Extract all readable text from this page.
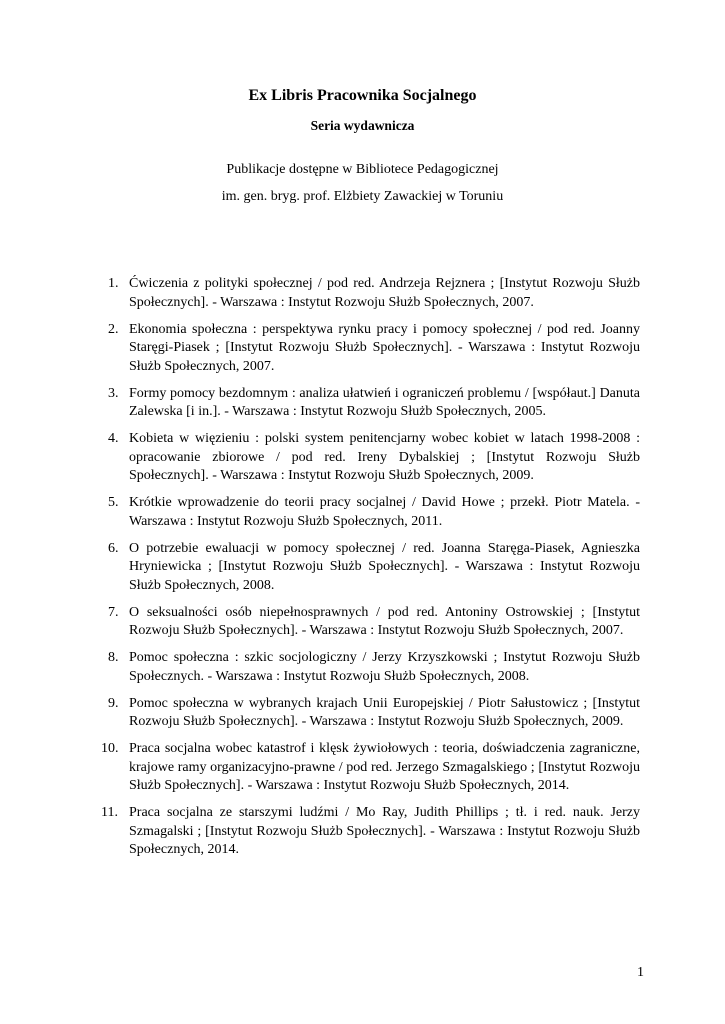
Ex Libris Pracownika Socjalnego

Seria wydawnicza

Publikacje dostępne w Bibliotece Pedagogicznej

im. gen. bryg. prof. Elżbiety Zawackiej w Toruniu

1. Ćwiczenia z polityki społecznej / pod red. Andrzeja Rejznera ; [Instytut Rozwoju Służb Społecznych]. - Warszawa : Instytut Rozwoju Służb Społecznych, 2007.
2. Ekonomia społeczna : perspektywa rynku pracy i pomocy społecznej / pod red. Joanny Staręgi-Piasek ; [Instytut Rozwoju Służb Społecznych]. - Warszawa : Instytut Rozwoju Służb Społecznych, 2007.
3. Formy pomocy bezdomnym : analiza ułatwień i ograniczeń problemu / [współaut.] Danuta Zalewska [i in.]. - Warszawa : Instytut Rozwoju Służb Społecznych, 2005.
4. Kobieta w więzieniu : polski system penitencjarny wobec kobiet w latach 1998-2008 : opracowanie zbiorowe / pod red. Ireny Dybalskiej ; [Instytut Rozwoju Służb Społecznych]. - Warszawa : Instytut Rozwoju Służb Społecznych, 2009.
5. Krótkie wprowadzenie do teorii pracy socjalnej / David Howe ; przekł. Piotr Matela. - Warszawa : Instytut Rozwoju Służb Społecznych, 2011.
6. O potrzebie ewaluacji w pomocy społecznej / red. Joanna Staręga-Piasek, Agnieszka Hryniewicka ; [Instytut Rozwoju Służb Społecznych]. - Warszawa : Instytut Rozwoju Służb Społecznych, 2008.
7. O seksualności osób niepełnosprawnych / pod red. Antoniny Ostrowskiej ; [Instytut Rozwoju Służb Społecznych]. - Warszawa : Instytut Rozwoju Służb Społecznych, 2007.
8. Pomoc społeczna : szkic socjologiczny / Jerzy Krzyszkowski ; Instytut Rozwoju Służb Społecznych. - Warszawa : Instytut Rozwoju Służb Społecznych, 2008.
9. Pomoc społeczna w wybranych krajach Unii Europejskiej / Piotr Sałustowicz ; [Instytut Rozwoju Służb Społecznych]. - Warszawa : Instytut Rozwoju Służb Społecznych, 2009.
10. Praca socjalna wobec katastrof i klęsk żywiołowych : teoria, doświadczenia zagraniczne, krajowe ramy organizacyjno-prawne / pod red. Jerzego Szmagalskiego ; [Instytut Rozwoju Służb Społecznych]. - Warszawa : Instytut Rozwoju Służb Społecznych, 2014.
11. Praca socjalna ze starszymi ludźmi / Mo Ray, Judith Phillips ; tł. i red. nauk. Jerzy Szmagalski ; [Instytut Rozwoju Służb Społecznych]. - Warszawa : Instytut Rozwoju Służb Społecznych, 2014.
1
